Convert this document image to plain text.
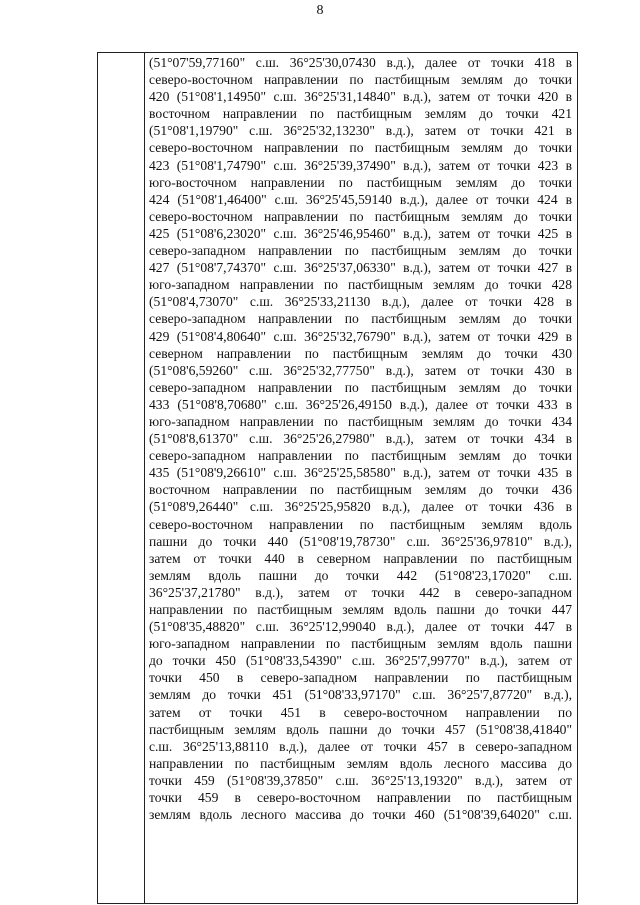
8
(51°07'59,77160" с.ш. 36°25'30,07430 в.д.), далее от точки 418 в
северо-восточном направлении по пастбищным землям до точки
420 (51°08'1,14950" с.ш. 36°25'31,14840" в.д.), затем от точки 420 в
восточном направлении по пастбищным землям до точки 421
(51°08'1,19790" с.ш. 36°25'32,13230" в.д.), затем от точки 421 в
северо-восточном направлении по пастбищным землям до точки
423 (51°08'1,74790" с.ш. 36°25'39,37490" в.д.), затем от точки 423 в
юго-восточном направлении по пастбищным землям до точки
424 (51°08'1,46400" с.ш. 36°25'45,59140 в.д.), далее от точки 424 в
северо-восточном направлении по пастбищным землям до точки
425 (51°08'6,23020" с.ш. 36°25'46,95460" в.д.), затем от точки 425 в
северо-западном направлении по пастбищным землям до точки
427 (51°08'7,74370" с.ш. 36°25'37,06330" в.д.), затем от точки 427 в
юго-западном направлении по пастбищным землям до точки 428
(51°08'4,73070" с.ш. 36°25'33,21130 в.д.), далее от точки 428 в
северо-западном направлении по пастбищным землям до точки
429 (51°08'4,80640" с.ш. 36°25'32,76790" в.д.), затем от точки 429 в
северном направлении по пастбищным землям до точки 430
(51°08'6,59260" с.ш. 36°25'32,77750" в.д.), затем от точки 430 в
северо-западном направлении по пастбищным землям до точки
433 (51°08'8,70680" с.ш. 36°25'26,49150 в.д.), далее от точки 433 в
юго-западном направлении по пастбищным землям до точки 434
(51°08'8,61370" с.ш. 36°25'26,27980" в.д.), затем от точки 434 в
северо-западном направлении по пастбищным землям до точки
435 (51°08'9,26610" с.ш. 36°25'25,58580" в.д.), затем от точки 435 в
восточном направлении по пастбищным землям до точки 436
(51°08'9,26440" с.ш. 36°25'25,95820 в.д.), далее от точки 436 в
северо-восточном направлении по пастбищным землям вдоль
пашни до точки 440 (51°08'19,78730" с.ш. 36°25'36,97810" в.д.),
затем от точки 440 в северном направлении по пастбищным
землям вдоль пашни до точки 442 (51°08'23,17020" с.ш.
36°25'37,21780" в.д.), затем от точки 442 в северо-западном
направлении по пастбищным землям вдоль пашни до точки 447
(51°08'35,48820" с.ш. 36°25'12,99040 в.д.), далее от точки 447 в
юго-западном направлении по пастбищным землям вдоль пашни
до точки 450 (51°08'33,54390" с.ш. 36°25'7,99770" в.д.), затем от
точки 450 в северо-западном направлении по пастбищным
землям до точки 451 (51°08'33,97170" с.ш. 36°25'7,87720" в.д.),
затем от точки 451 в северо-восточном направлении по
пастбищным землям вдоль пашни до точки 457 (51°08'38,41840"
с.ш. 36°25'13,88110 в.д.), далее от точки 457 в северо-западном
направлении по пастбищным землям вдоль лесного массива до
точки 459 (51°08'39,37850" с.ш. 36°25'13,19320" в.д.), затем от
точки 459 в северо-восточном направлении по пастбищным
землям вдоль лесного массива до точки 460 (51°08'39,64020" с.ш.
